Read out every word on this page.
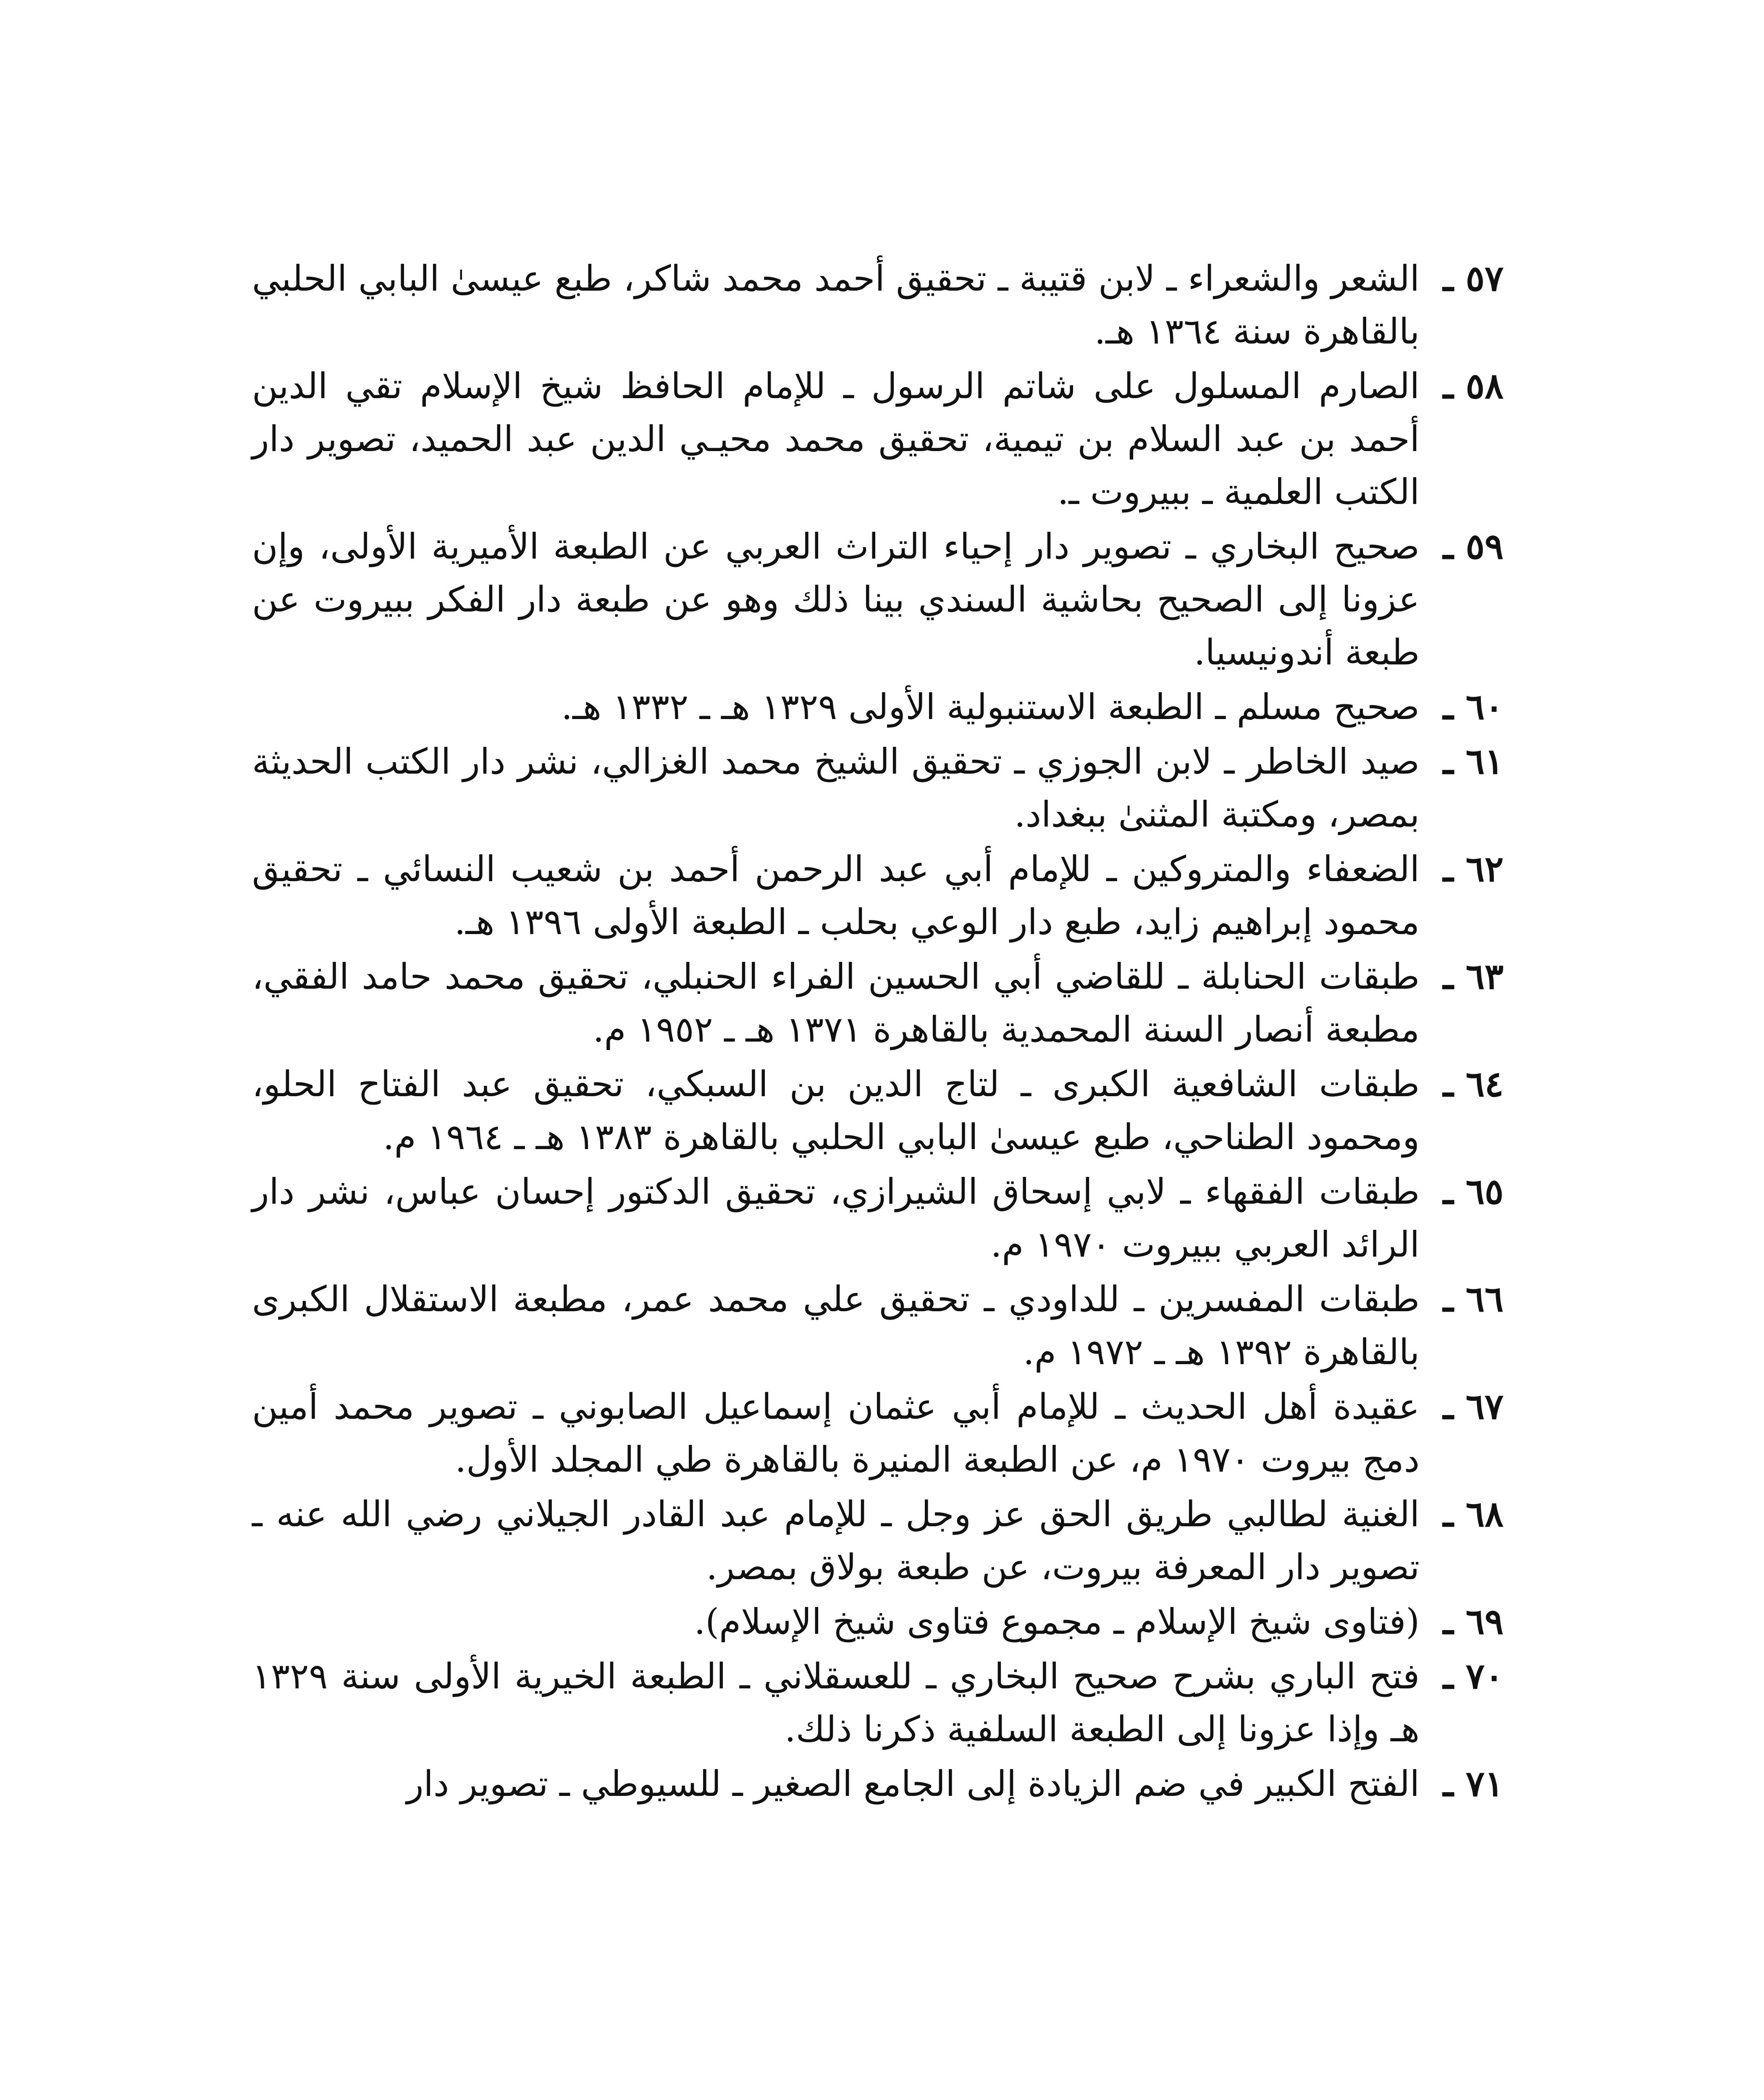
٥٧ ـ
الشعر والشعراء ـ لابن قتيبة ـ تحقيق أحمد محمد شاكر، طبع عيسىٰ البابي الحلبي بالقاهرة سنة ١٣٦٤ هـ.
٥٨ ـ
الصارم المسلول على شاتم الرسول ـ للإمام الحافظ شيخ الإسلام تقي الدين أحمد بن عبد السلام بن تيمية، تحقيق محمد محيـي الدين عبد الحميد، تصوير دار الكتب العلمية ـ ببيروت ـ.
٥٩ ـ
صحيح البخاري ـ تصوير دار إحياء التراث العربي عن الطبعة الأميرية الأولى، وإن عزونا إلى الصحيح بحاشية السندي بينا ذلك وهو عن طبعة دار الفكر ببيروت عن طبعة أندونيسيا.
٦٠ ـ
صحيح مسلم ـ الطبعة الاستنبولية الأولى ١٣٢٩ هـ ـ ١٣٣٢ هـ.
٦١ ـ
صيد الخاطر ـ لابن الجوزي ـ تحقيق الشيخ محمد الغزالي، نشر دار الكتب الحديثة بمصر، ومكتبة المثنىٰ ببغداد.
٦٢ ـ
الضعفاء والمتروكين ـ للإمام أبي عبد الرحمن أحمد بن شعيب النسائي ـ تحقيق محمود إبراهيم زايد، طبع دار الوعي بحلب ـ الطبعة الأولى ١٣٩٦ هـ.
٦٣ ـ
طبقات الحنابلة ـ للقاضي أبي الحسين الفراء الحنبلي، تحقيق محمد حامد الفقي، مطبعة أنصار السنة المحمدية بالقاهرة ١٣٧١ هـ ـ ١٩٥٢ م.
٦٤ ـ
طبقات الشافعية الكبرى ـ لتاج الدين بن السبكي، تحقيق عبد الفتاح الحلو، ومحمود الطناحي، طبع عيسىٰ البابي الحلبي بالقاهرة ١٣٨٣ هـ ـ ١٩٦٤ م.
٦٥ ـ
طبقات الفقهاء ـ لابي إسحاق الشيرازي، تحقيق الدكتور إحسان عباس، نشر دار الرائد العربي ببيروت ١٩٧٠ م.
٦٦ ـ
طبقات المفسرين ـ للداودي ـ تحقيق علي محمد عمر، مطبعة الاستقلال الكبرى بالقاهرة ١٣٩٢ هـ ـ ١٩٧٢ م.
٦٧ ـ
عقيدة أهل الحديث ـ للإمام أبي عثمان إسماعيل الصابوني ـ تصوير محمد أمين دمج بيروت ١٩٧٠ م، عن الطبعة المنيرة بالقاهرة طي المجلد الأول.
٦٨ ـ
الغنية لطالبي طريق الحق عز وجل ـ للإمام عبد القادر الجيلاني رضي الله عنه ـ تصوير دار المعرفة بيروت، عن طبعة بولاق بمصر.
٦٩ ـ
(فتاوى شيخ الإسلام ـ مجموع فتاوى شيخ الإسلام).
٧٠ ـ
فتح الباري بشرح صحيح البخاري ـ للعسقلاني ـ الطبعة الخيرية الأولى سنة ١٣٢٩ هـ وإذا عزونا إلى الطبعة السلفية ذكرنا ذلك.
٧١ ـ
الفتح الكبير في ضم الزيادة إلى الجامع الصغير ـ للسيوطي ـ تصوير دار
